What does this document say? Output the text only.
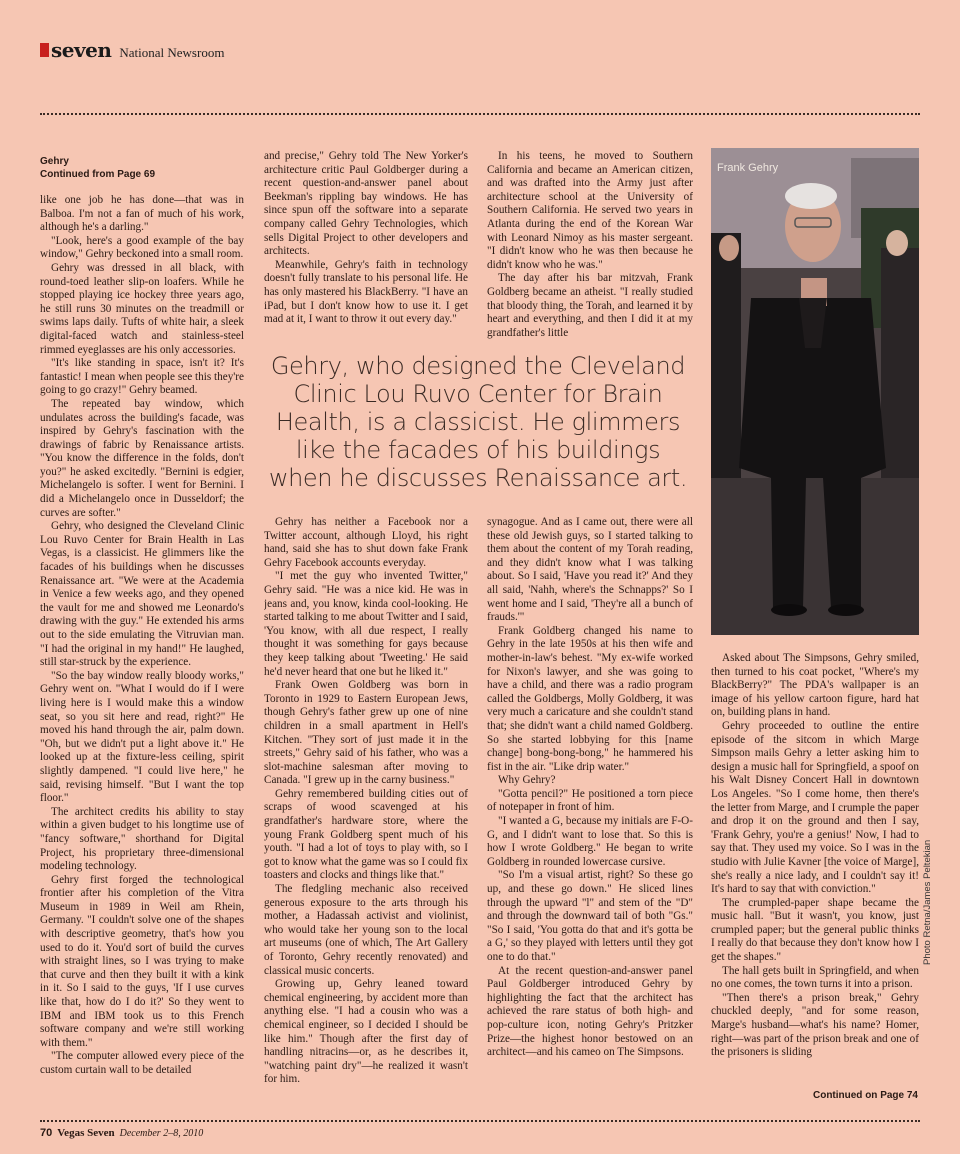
seven National Newsroom
Gehry
Continued from Page 69

like one job he has done—that was in Balboa. I'm not a fan of much of his work, although he's a darling."

"Look, here's a good example of the bay window," Gehry beckoned into a small room.

Gehry was dressed in all black, with round-toed leather slip-on loafers. While he stopped playing ice hockey three years ago, he still runs 30 minutes on the treadmill or swims laps daily. Tufts of white hair, a sleek digital-faced watch and stainless-steel rimmed eyeglasses are his only accessories.

"It's like standing in space, isn't it? It's fantastic! I mean when people see this they're going to go crazy!" Gehry beamed.

The repeated bay window, which undulates across the building's facade, was inspired by Gehry's fascination with the drawings of fabric by Renaissance artists. "You know the difference in the folds, don't you?" he asked excitedly. "Bernini is edgier, Michelangelo is softer. I went for Bernini. I did a Michelangelo once in Dusseldorf; the curves are softer."

Gehry, who designed the Cleveland Clinic Lou Ruvo Center for Brain Health in Las Vegas, is a classicist. He glimmers like the facades of his buildings when he discusses Renaissance art. "We were at the Academia in Venice a few weeks ago, and they opened the vault for me and showed me Leonardo's drawing with the guy." He extended his arms out to the side emulating the Vitruvian man. "I had the original in my hand!" He laughed, still star-struck by the experience.

"So the bay window really bloody works," Gehry went on. "What I would do if I were living here is I would make this a window seat, so you sit here and read, right?" He moved his hand through the air, palm down. "Oh, but we didn't put a light above it." He looked up at the fixture-less ceiling, spirit slightly dampened. "I could live here," he said, revising himself. "But I want the top floor."

The architect credits his ability to stay within a given budget to his longtime use of "fancy software," shorthand for Digital Project, his proprietary three-dimensional modeling technology.

Gehry first forged the technological frontier after his completion of the Vitra Museum in 1989 in Weil am Rhein, Germany. "I couldn't solve one of the shapes with descriptive geometry, that's how you used to do it. You'd sort of build the curves with straight lines, so I was trying to make that curve and then they built it with a kink in it. So I said to the guys, 'If I use curves like that, how do I do it?' So they went to IBM and IBM took us to this French software company and we're still working with them."

"The computer allowed every piece of the custom curtain wall to be detailed

and precise," Gehry told The New Yorker's architecture critic Paul Goldberger during a recent question-and-answer panel about Beekman's rippling bay windows. He has since spun off the software into a separate company called Gehry Technologies, which sells Digital Project to other developers and architects.

Meanwhile, Gehry's faith in technology doesn't fully translate to his personal life. He has only mastered his BlackBerry. "I have an iPad, but I don't know how to use it. I get mad at it, I want to throw it out every day."

In his teens, he moved to Southern California and became an American citizen, and was drafted into the Army just after architecture school at the University of Southern California. He served two years in Atlanta during the end of the Korean War with Leonard Nimoy as his master sergeant. "I didn't know who he was then because he didn't know who he was."

The day after his bar mitzvah, Frank Goldberg became an atheist. "I really studied that bloody thing, the Torah, and learned it by heart and everything, and then I did it at my grandfather's little

Gehry, who designed the Cleveland Clinic Lou Ruvo Center for Brain Health, is a classicist. He glimmers like the facades of his buildings when he discusses Renaissance art.

Gehry has neither a Facebook nor a Twitter account, although Lloyd, his right hand, said she has to shut down fake Frank Gehry Facebook accounts everyday.

"I met the guy who invented Twitter," Gehry said. "He was a nice kid. He was in jeans and, you know, kinda cool-looking. He started talking to me about Twitter and I said, 'You know, with all due respect, I really thought it was something for gays because they keep talking about 'Tweeting.' He said he'd never heard that one but he liked it."

Frank Owen Goldberg was born in Toronto in 1929 to Eastern European Jews, though Gehry's father grew up one of nine children in a small apartment in Hell's Kitchen. "They sort of just made it in the streets," Gehry said of his father, who was a slot-machine salesman after moving to Canada. "I grew up in the carny business."

Gehry remembered building cities out of scraps of wood scavenged at his grandfather's hardware store, where the young Frank Goldberg spent much of his youth. "I had a lot of toys to play with, so I got to know what the game was so I could fix toasters and clocks and things like that."

The fledgling mechanic also received generous exposure to the arts through his mother, a Hadassah activist and violinist, who would take her young son to the local art museums (one of which, The Art Gallery of Toronto, Gehry recently renovated) and classical music concerts.

Growing up, Gehry leaned toward chemical engineering, by accident more than anything else. "I had a cousin who was a chemical engineer, so I decided I should be like him." Though after the first day of handling nitracins—or, as he describes it, "watching paint dry"—he realized it wasn't for him.

synagogue. And as I came out, there were all these old Jewish guys, so I started talking to them about the content of my Torah reading, and they didn't know what I was talking about. So I said, 'Have you read it?' And they all said, 'Nahh, where's the Schnapps?' So I went home and I said, 'They're all a bunch of frauds.'"

Frank Goldberg changed his name to Gehry in the late 1950s at his then wife and mother-in-law's behest. "My ex-wife worked for Nixon's lawyer, and she was going to have a child, and there was a radio program called the Goldbergs, Molly Goldberg, it was very much a caricature and she couldn't stand that; she didn't want a child named Goldberg. So she started lobbying for this [name change] bong-bong-bong," he hammered his fist in the air. "Like drip water."

Why Gehry?

"Gotta pencil?" He positioned a torn piece of notepaper in front of him.

"I wanted a G, because my initials are F-O-G, and I didn't want to lose that. So this is how I wrote Goldberg." He began to write Goldberg in rounded lowercase cursive.

"So I'm a visual artist, right? So these go up, and these go down." He sliced lines through the upward "l" and stem of the "D" and through the downward tail of both "Gs." "So I said, 'You gotta do that and it's gotta be a G,' so they played with letters until they got one to do that."

At the recent question-and-answer panel Paul Goldberger introduced Gehry by highlighting the fact that the architect has achieved the rare status of both high- and pop-culture icon, noting Gehry's Pritzker Prize—the highest honor bestowed on an architect—and his cameo on The Simpsons.

Frank Gehry

Asked about The Simpsons, Gehry smiled, then turned to his coat pocket, "Where's my BlackBerry?" The PDA's wallpaper is an image of his yellow cartoon figure, hard hat on, building plans in hand.

Gehry proceeded to outline the entire episode of the sitcom in which Marge Simpson mails Gehry a letter asking him to design a music hall for Springfield, a spoof on his Walt Disney Concert Hall in downtown Los Angeles. "So I come home, then there's the letter from Marge, and I crumple the paper and drop it on the ground and then I say, 'Frank Gehry, you're a genius!' Now, I had to say that. They used my voice. So I was in the studio with Julie Kavner [the voice of Marge], she's really a nice lady, and I couldn't say it! It's hard to say that with conviction."

The crumpled-paper shape became the music hall. "But it wasn't, you know, just crumpled paper; but the general public thinks I really do that because they don't know how I get the shapes."

The hall gets built in Springfield, and when no one comes, the town turns it into a prison.

"Then there's a prison break," Gehry chuckled deeply, "and for some reason, Marge's husband—what's his name? Homer, right—was part of the prison break and one of the prisoners is sliding

Photo Retna/James Peltekian
Continued on Page 74
70 Vegas Seven December 2–8, 2010
